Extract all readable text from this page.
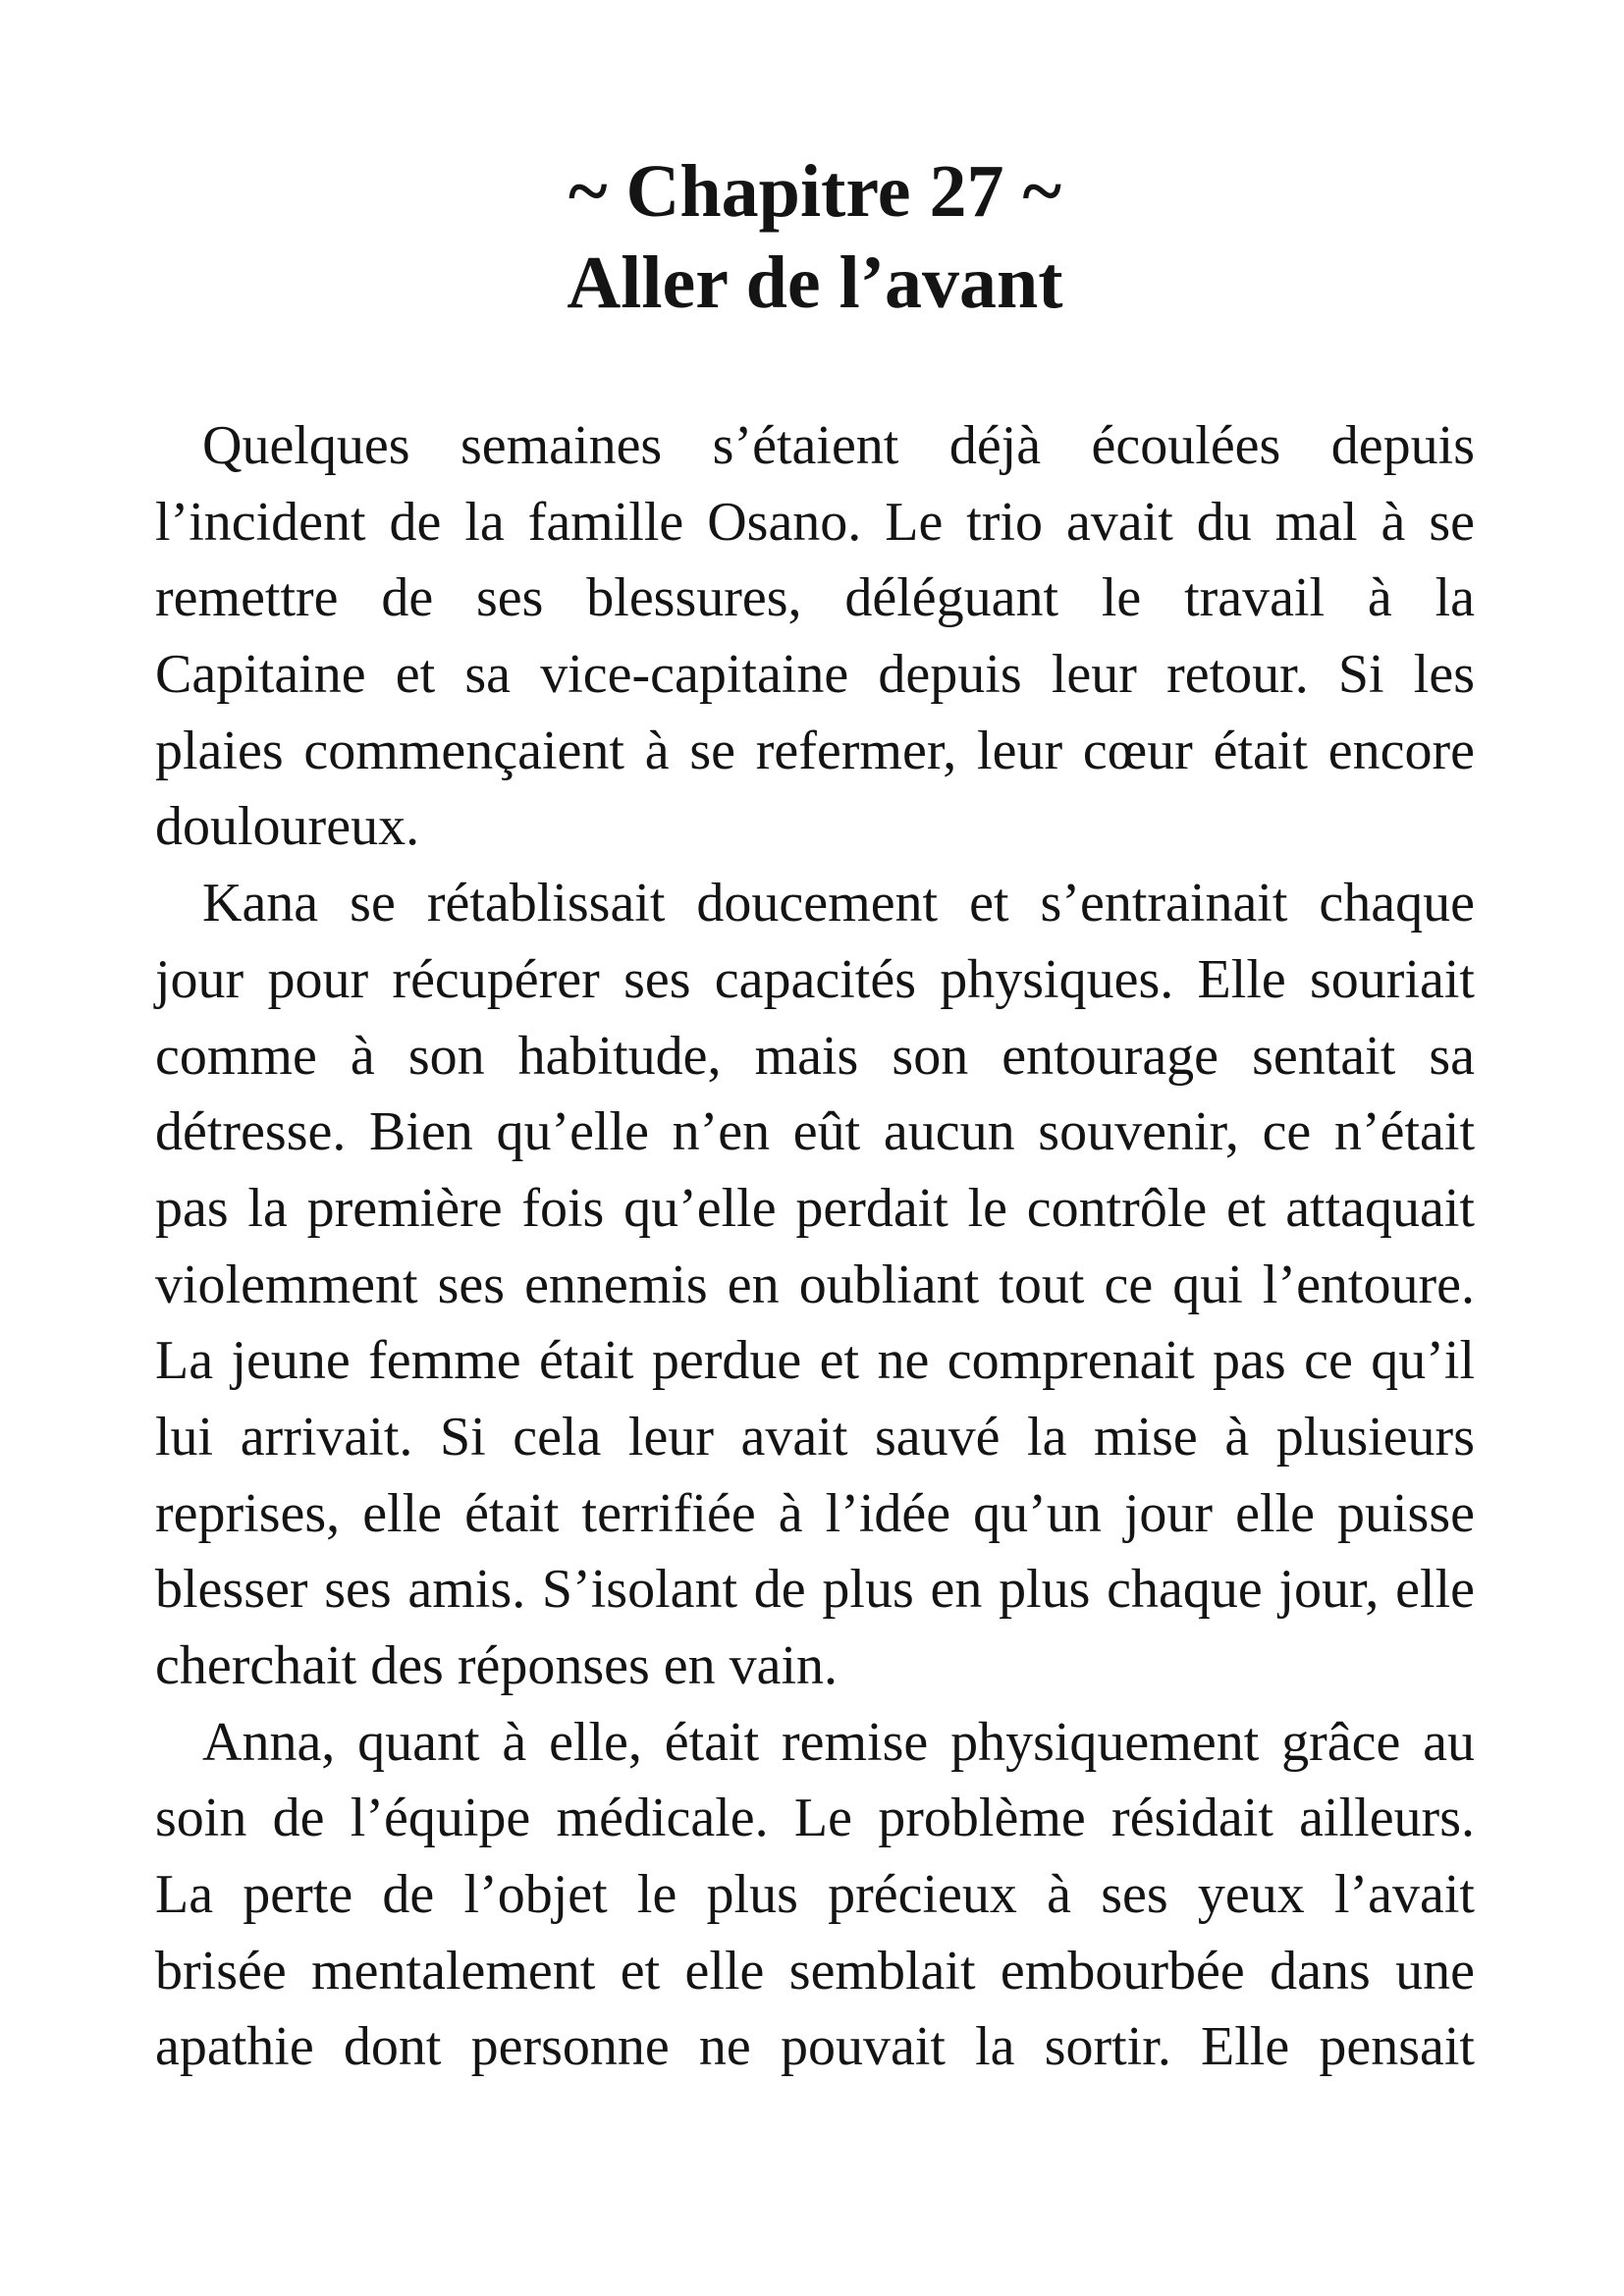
~ Chapitre 27 ~
Aller de l’avant
Quelques semaines s’étaient déjà écoulées depuis
l’incident de la famille Osano. Le trio avait du mal à se
remettre de ses blessures, déléguant le travail à la
Capitaine et sa vice-capitaine depuis leur retour. Si les
plaies commençaient à se refermer, leur cœur était encore
douloureux.
Kana se rétablissait doucement et s’entrainait chaque
jour pour récupérer ses capacités physiques. Elle souriait
comme à son habitude, mais son entourage sentait sa
détresse. Bien qu’elle n’en eût aucun souvenir, ce n’était
pas la première fois qu’elle perdait le contrôle et attaquait
violemment ses ennemis en oubliant tout ce qui l’entoure.
La jeune femme était perdue et ne comprenait pas ce qu’il
lui arrivait. Si cela leur avait sauvé la mise à plusieurs
reprises, elle était terrifiée à l’idée qu’un jour elle puisse
blesser ses amis. S’isolant de plus en plus chaque jour, elle
cherchait des réponses en vain.
Anna, quant à elle, était remise physiquement grâce au
soin de l’équipe médicale. Le problème résidait ailleurs.
La perte de l’objet le plus précieux à ses yeux l’avait
brisée mentalement et elle semblait embourbée dans une
apathie dont personne ne pouvait la sortir. Elle pensait
